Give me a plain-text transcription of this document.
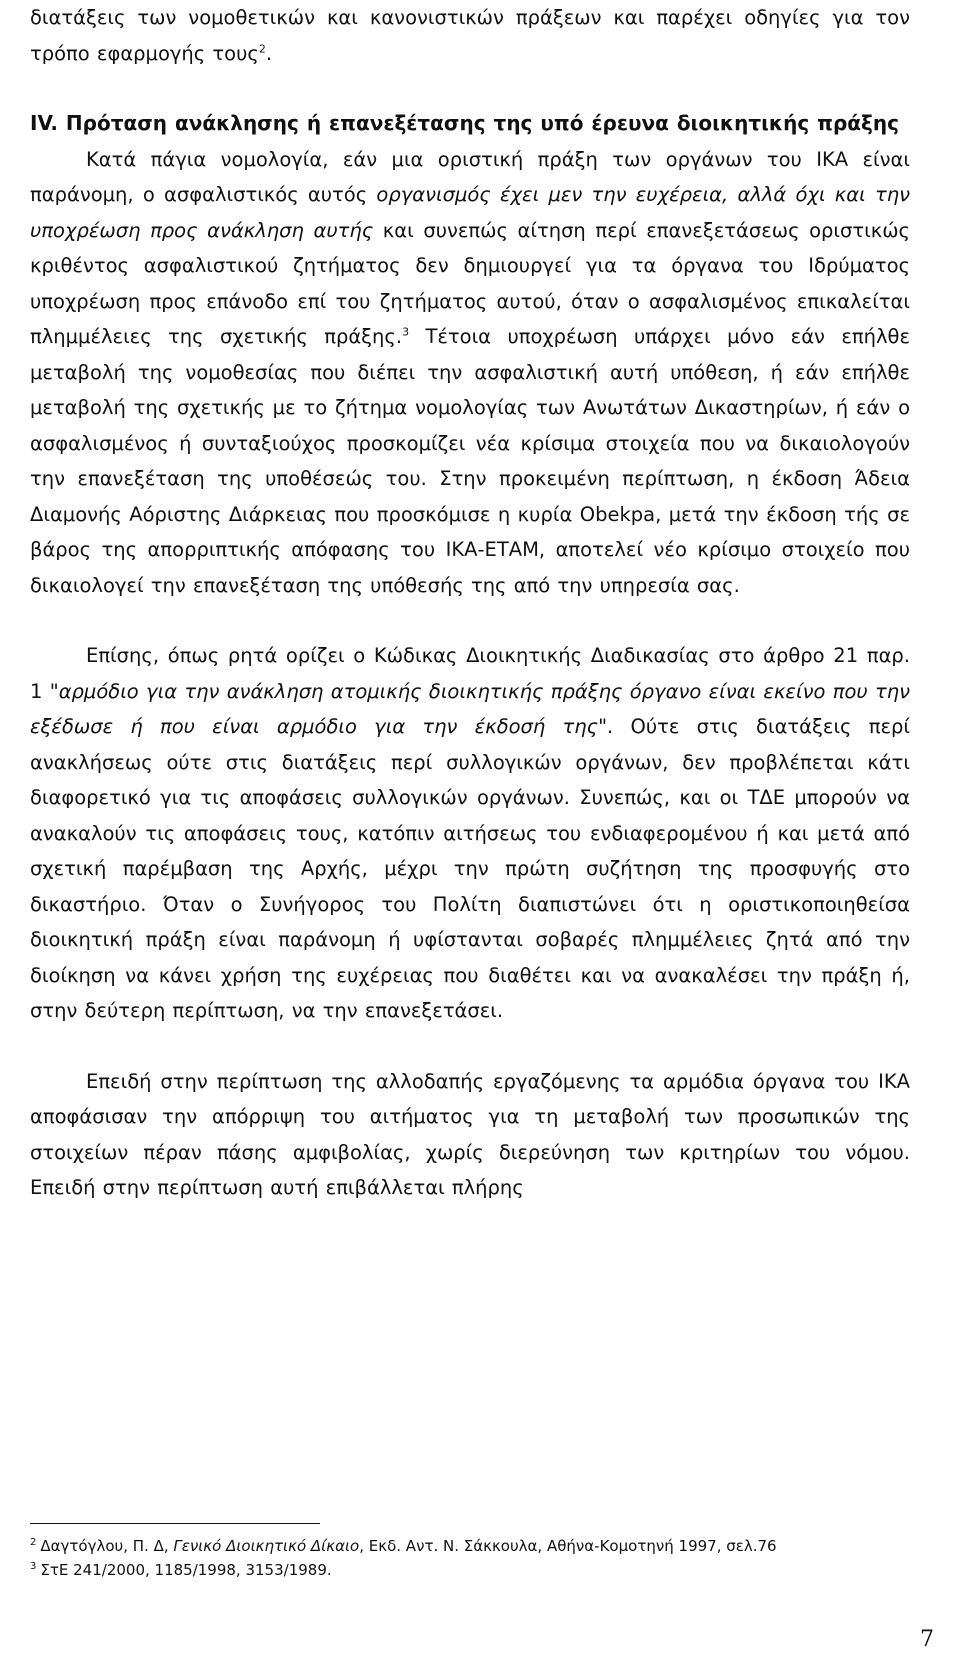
διατάξεις των νομοθετικών και κανονιστικών πράξεων και παρέχει οδηγίες για τον τρόπο εφαρμογής τους$^2$.

IV. Πρόταση ανάκλησης ή επανεξέτασης της υπό έρευνα διοικητικής πράξης

Κατά πάγια νομολογία, εάν μια οριστική πράξη των οργάνων του ΙΚΑ είναι παράνομη, ο ασφαλιστικός αυτός οργανισμός έχει μεν την ευχέρεια, αλλά όχι και την υποχρέωση προς ανάκληση αυτής και συνεπώς αίτηση περί επανεξετάσεως οριστικώς κριθέντος ασφαλιστικού ζητήματος δεν δημιουργεί για τα όργανα του Ιδρύματος υποχρέωση προς επάνοδο επί του ζητήματος αυτού, όταν ο ασφαλισμένος επικαλείται πλημμέλειες της σχετικής πράξης.$^3$ Τέτοια υποχρέωση υπάρχει μόνο εάν επήλθε μεταβολή της νομοθεσίας που διέπει την ασφαλιστική αυτή υπόθεση, ή εάν επήλθε μεταβολή της σχετικής με το ζήτημα νομολογίας των Ανωτάτων Δικαστηρίων, ή εάν ο ασφαλισμένος ή συνταξιούχος προσκομίζει νέα κρίσιμα στοιχεία που να δικαιολογούν την επανεξέταση της υποθέσεώς του. Στην προκειμένη περίπτωση, η έκδοση Άδεια Διαμονής Αόριστης Διάρκειας που προσκόμισε η κυρία Obekpa, μετά την έκδοση τής σε βάρος της απορριπτικής απόφασης του ΙΚΑ-ΕΤΑΜ, αποτελεί νέο κρίσιμο στοιχείο που δικαιολογεί την επανεξέταση της υπόθεσής της από την υπηρεσία σας.

Επίσης, όπως ρητά ορίζει ο Κώδικας Διοικητικής Διαδικασίας στο άρθρο 21 παρ. 1 "αρμόδιο για την ανάκληση ατομικής διοικητικής πράξης όργανο είναι εκείνο που την εξέδωσε ή που είναι αρμόδιο για την έκδοσή της". Ούτε στις διατάξεις περί ανακλήσεως ούτε στις διατάξεις περί συλλογικών οργάνων, δεν προβλέπεται κάτι διαφορετικό για τις αποφάσεις συλλογικών οργάνων. Συνεπώς, και οι ΤΔΕ μπορούν να ανακαλούν τις αποφάσεις τους, κατόπιν αιτήσεως του ενδιαφερομένου ή και μετά από σχετική παρέμβαση της Αρχής, μέχρι την πρώτη συζήτηση της προσφυγής στο δικαστήριο. Όταν ο Συνήγορος του Πολίτη διαπιστώνει ότι η οριστικοποιηθείσα διοικητική πράξη είναι παράνομη ή υφίστανται σοβαρές πλημμέλειες ζητά από την διοίκηση να κάνει χρήση της ευχέρειας που διαθέτει και να ανακαλέσει την πράξη ή, στην δεύτερη περίπτωση, να την επανεξετάσει.

Επειδή στην περίπτωση της αλλοδαπής εργαζόμενης τα αρμόδια όργανα του ΙΚΑ αποφάσισαν την απόρριψη του αιτήματος για τη μεταβολή των προσωπικών της στοιχείων πέραν πάσης αμφιβολίας, χωρίς διερεύνηση των κριτηρίων του νόμου. Επειδή στην περίπτωση αυτή επιβάλλεται πλήρης

$^2$ Δαγτόγλου, Π. Δ, Γενικό Διοικητικό Δίκαιο, Εκδ. Αντ. Ν. Σάκκουλα, Αθήνα-Κομοτηνή 1997, σελ.76

$^3$ ΣτΕ 241/2000, 1185/1998, 3153/1989.

7
